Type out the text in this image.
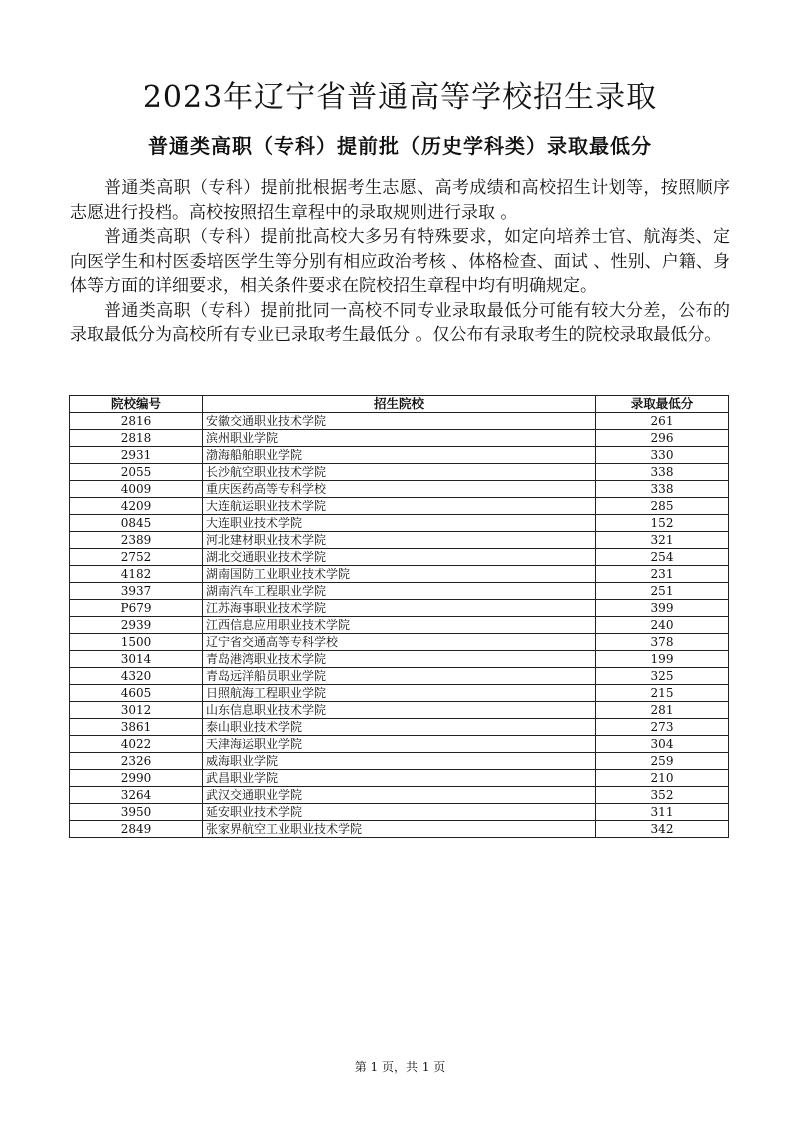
2023年辽宁省普通高等学校招生录取
普通类高职（专科）提前批（历史学科类）录取最低分

普通类高职（专科）提前批根据考生志愿、高考成绩和高校招生计划等，按照顺序志愿进行投档。高校按照招生章程中的录取规则进行录取 。

普通类高职（专科）提前批高校大多另有特殊要求，如定向培养士官、航海类、定向医学生和村医委培医学生等分别有相应政治考核 、体格检查、面试 、性别、户籍、身体等方面的详细要求，相关条件要求在院校招生章程中均有明确规定。

普通类高职（专科）提前批同一高校不同专业录取最低分可能有较大分差，公布的录取最低分为高校所有专业已录取考生最低分 。仅公布有录取考生的院校录取最低分。

院校编号	招生院校	录取最低分
2816	安徽交通职业技术学院	261
2818	滨州职业学院	296
2931	渤海船舶职业学院	330
2055	长沙航空职业技术学院	338
4009	重庆医药高等专科学校	338
4209	大连航运职业技术学院	285
0845	大连职业技术学院	152
2389	河北建材职业技术学院	321
2752	湖北交通职业技术学院	254
4182	湖南国防工业职业技术学院	231
3937	湖南汽车工程职业学院	251
P679	江苏海事职业技术学院	399
2939	江西信息应用职业技术学院	240
1500	辽宁省交通高等专科学校	378
3014	青岛港湾职业技术学院	199
4320	青岛远洋船员职业学院	325
4605	日照航海工程职业学院	215
3012	山东信息职业技术学院	281
3861	泰山职业技术学院	273
4022	天津海运职业学院	304
2326	威海职业学院	259
2990	武昌职业学院	210
3264	武汉交通职业学院	352
3950	延安职业技术学院	311
2849	张家界航空工业职业技术学院	342
第 1 页，共 1 页
